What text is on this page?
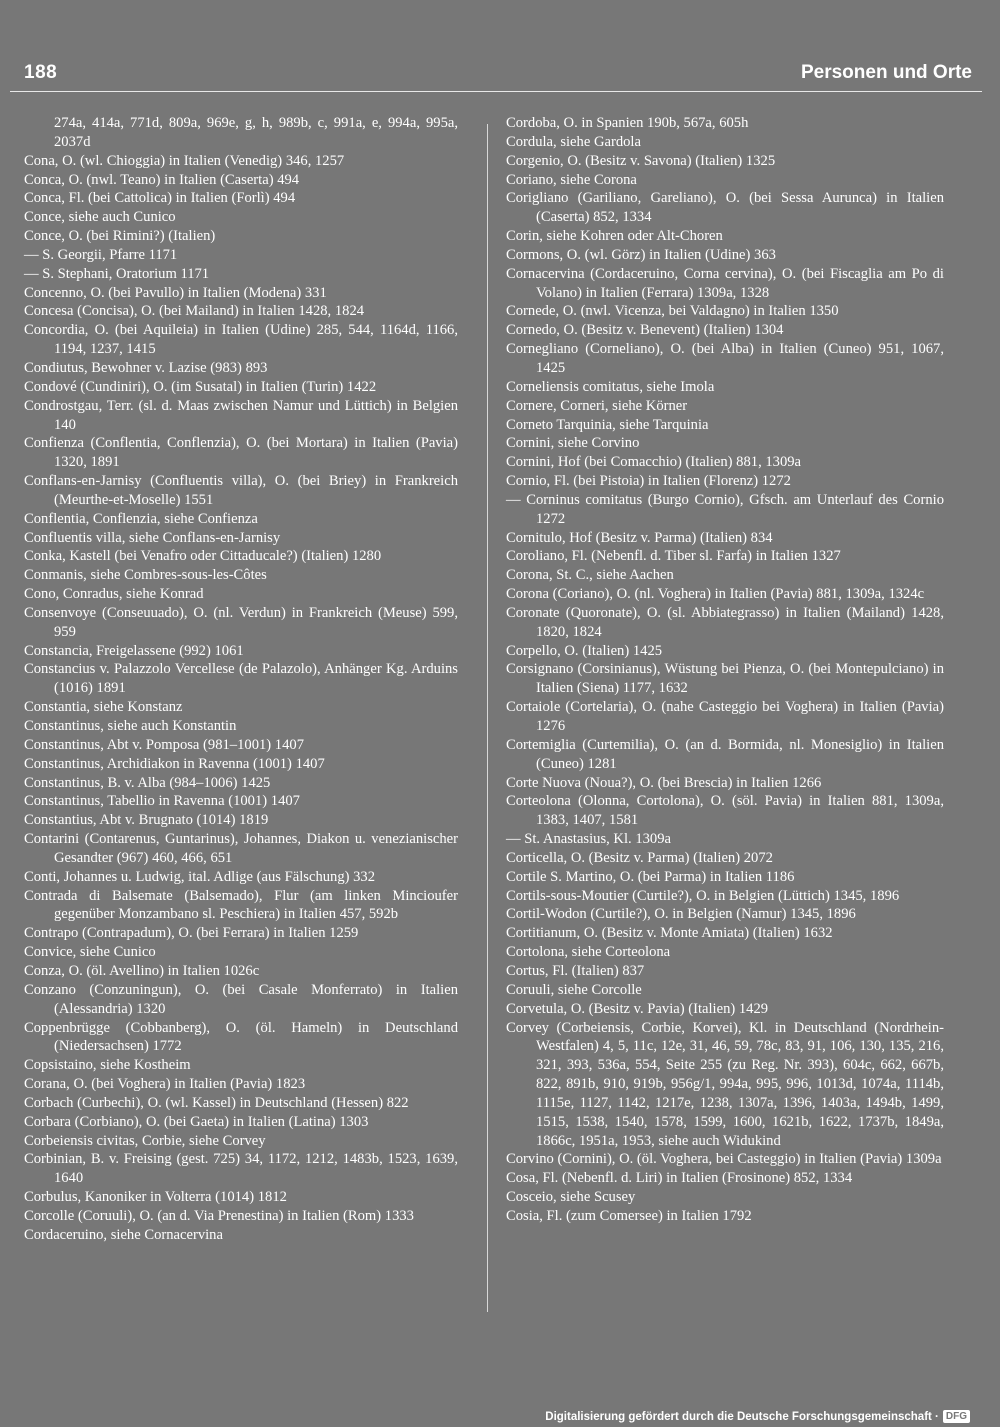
188	Personen und Orte

274a, 414a, 771d, 809a, 969e, g, h, 989b, c, 991a, e, 994a, 995a, 2037d

Cona, O. (wl. Chioggia) in Italien (Venedig) 346, 1257

Conca, O. (nwl. Teano) in Italien (Caserta) 494

Conca, Fl. (bei Cattolica) in Italien (Forlì) 494

Conce, siehe auch Cunico

Conce, O. (bei Rimini?) (Italien)

— S. Georgii, Pfarre 1171

— S. Stephani, Oratorium 1171

Concenno, O. (bei Pavullo) in Italien (Modena) 331

Concesa (Concisa), O. (bei Mailand) in Italien 1428, 1824

Concordia, O. (bei Aquileia) in Italien (Udine) 285, 544, 1164d, 1166, 1194, 1237, 1415

Condiutus, Bewohner v. Lazise (983) 893

Condové (Cundiniri), O. (im Susatal) in Italien (Turin) 1422

Condrostgau, Terr. (sl. d. Maas zwischen Namur und Lüttich) in Belgien 140

Confienza (Conflentia, Conflenzia), O. (bei Mortara) in Italien (Pavia) 1320, 1891

Conflans-en-Jarnisy (Confluentis villa), O. (bei Briey) in Frankreich (Meurthe-et-Moselle) 1551

Conflentia, Conflenzia, siehe Confienza

Confluentis villa, siehe Conflans-en-Jarnisy

Conka, Kastell (bei Venafro oder Cittaducale?) (Italien) 1280

Conmanis, siehe Combres-sous-les-Côtes

Cono, Conradus, siehe Konrad

Consenvoye (Conseuuado), O. (nl. Verdun) in Frankreich (Meuse) 599, 959

Constancia, Freigelassene (992) 1061

Constancius v. Palazzolo Vercellese (de Palazolo), Anhänger Kg. Arduins (1016) 1891

Constantia, siehe Konstanz

Constantinus, siehe auch Konstantin

Constantinus, Abt v. Pomposa (981–1001) 1407

Constantinus, Archidiakon in Ravenna (1001) 1407

Constantinus, B. v. Alba (984–1006) 1425

Constantinus, Tabellio in Ravenna (1001) 1407

Constantius, Abt v. Brugnato (1014) 1819

Contarini (Contarenus, Guntarinus), Johannes, Diakon u. venezianischer Gesandter (967) 460, 466, 651

Conti, Johannes u. Ludwig, ital. Adlige (aus Fälschung) 332

Contrada di Balsemate (Balsemado), Flur (am linken Mincioufer gegenüber Monzambano sl. Peschiera) in Italien 457, 592b

Contrapo (Contrapadum), O. (bei Ferrara) in Italien 1259

Convice, siehe Cunico

Conza, O. (öl. Avellino) in Italien 1026c

Conzano (Conzuningun), O. (bei Casale Monferrato) in Italien (Alessandria) 1320

Coppenbrügge (Cobbanberg), O. (öl. Hameln) in Deutschland (Niedersachsen) 1772

Copsistaino, siehe Kostheim

Corana, O. (bei Voghera) in Italien (Pavia) 1823

Corbach (Curbechi), O. (wl. Kassel) in Deutschland (Hessen) 822

Corbara (Corbiano), O. (bei Gaeta) in Italien (Latina) 1303

Corbeiensis civitas, Corbie, siehe Corvey

Corbinian, B. v. Freising (gest. 725) 34, 1172, 1212, 1483b, 1523, 1639, 1640

Corbulus, Kanoniker in Volterra (1014) 1812

Corcolle (Coruuli), O. (an d. Via Prenestina) in Italien (Rom) 1333

Cordaceruino, siehe Cornacervina

Cordoba, O. in Spanien 190b, 567a, 605h

Cordula, siehe Gardola

Corgenio, O. (Besitz v. Savona) (Italien) 1325

Coriano, siehe Corona

Corigliano (Gariliano, Gareliano), O. (bei Sessa Aurunca) in Italien (Caserta) 852, 1334

Corin, siehe Kohren oder Alt-Choren

Cormons, O. (wl. Görz) in Italien (Udine) 363

Cornacervina (Cordaceruino, Corna cervina), O. (bei Fiscaglia am Po di Volano) in Italien (Ferrara) 1309a, 1328

Cornede, O. (nwl. Vicenza, bei Valdagno) in Italien 1350

Cornedo, O. (Besitz v. Benevent) (Italien) 1304

Cornegliano (Corneliano), O. (bei Alba) in Italien (Cuneo) 951, 1067, 1425

Corneliensis comitatus, siehe Imola

Cornere, Corneri, siehe Körner

Corneto Tarquinia, siehe Tarquinia

Cornini, siehe Corvino

Cornini, Hof (bei Comacchio) (Italien) 881, 1309a

Cornio, Fl. (bei Pistoia) in Italien (Florenz) 1272

— Corninus comitatus (Burgo Cornio), Gfsch. am Unterlauf des Cornio 1272

Cornitulo, Hof (Besitz v. Parma) (Italien) 834

Coroliano, Fl. (Nebenfl. d. Tiber sl. Farfa) in Italien 1327

Corona, St. C., siehe Aachen

Corona (Coriano), O. (nl. Voghera) in Italien (Pavia) 881, 1309a, 1324c

Coronate (Quoronate), O. (sl. Abbiategrasso) in Italien (Mailand) 1428, 1820, 1824

Corpello, O. (Italien) 1425

Corsignano (Corsinianus), Wüstung bei Pienza, O. (bei Montepulciano) in Italien (Siena) 1177, 1632

Cortaiole (Cortelaria), O. (nahe Casteggio bei Voghera) in Italien (Pavia) 1276

Cortemiglia (Curtemilia), O. (an d. Bormida, nl. Monesiglio) in Italien (Cuneo) 1281

Corte Nuova (Noua?), O. (bei Brescia) in Italien 1266

Corteolona (Olonna, Cortolona), O. (söl. Pavia) in Italien 881, 1309a, 1383, 1407, 1581

— St. Anastasius, Kl. 1309a

Corticella, O. (Besitz v. Parma) (Italien) 2072

Cortile S. Martino, O. (bei Parma) in Italien 1186

Cortils-sous-Moutier (Curtile?), O. in Belgien (Lüttich) 1345, 1896

Cortil-Wodon (Curtile?), O. in Belgien (Namur) 1345, 1896

Cortitianum, O. (Besitz v. Monte Amiata) (Italien) 1632

Cortolona, siehe Corteolona

Cortus, Fl. (Italien) 837

Coruuli, siehe Corcolle

Corvetula, O. (Besitz v. Pavia) (Italien) 1429

Corvey (Corbeiensis, Corbie, Korvei), Kl. in Deutschland (Nordrhein-Westfalen) 4, 5, 11c, 12e, 31, 46, 59, 78c, 83, 91, 106, 130, 135, 216, 321, 393, 536a, 554, Seite 255 (zu Reg. Nr. 393), 604c, 662, 667b, 822, 891b, 910, 919b, 956g/1, 994a, 995, 996, 1013d, 1074a, 1114b, 1115e, 1127, 1142, 1217e, 1238, 1307a, 1396, 1403a, 1494b, 1499, 1515, 1538, 1540, 1578, 1599, 1600, 1621b, 1622, 1737b, 1849a, 1866c, 1951a, 1953, siehe auch Widukind

Corvino (Cornini), O. (öl. Voghera, bei Casteggio) in Italien (Pavia) 1309a

Cosa, Fl. (Nebenfl. d. Liri) in Italien (Frosinone) 852, 1334

Cosceio, siehe Scusey

Cosia, Fl. (zum Comersee) in Italien 1792

Digitalisierung gefördert durch die Deutsche Forschungsgemeinschaft · DFG
